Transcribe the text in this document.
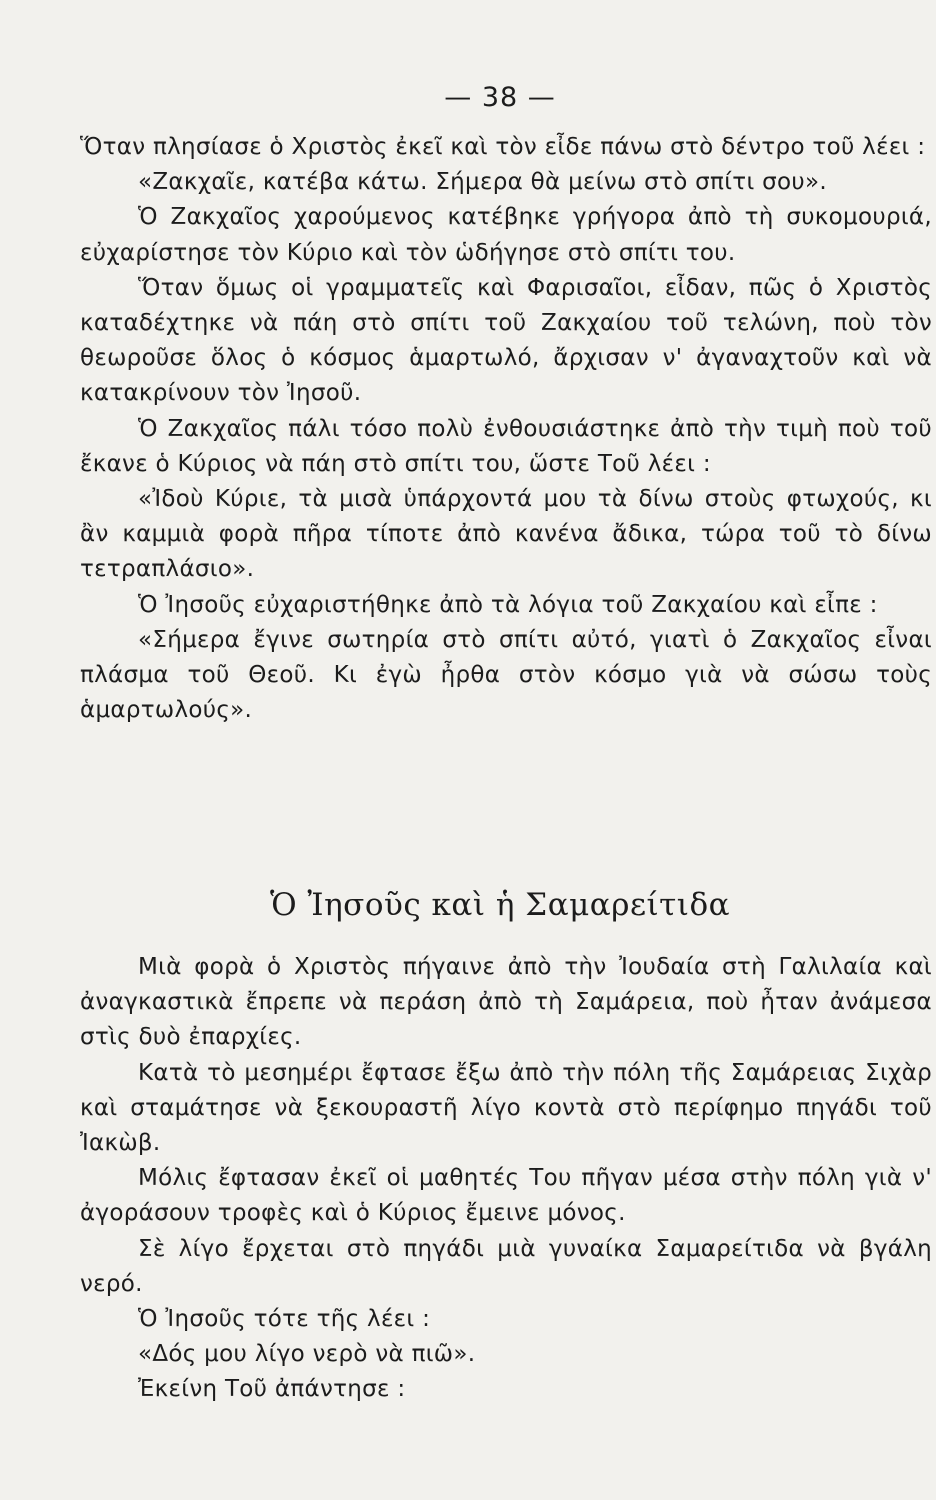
— 38 —

Ὅταν πλησίασε ὁ Χριστὸς ἐκεῖ καὶ τὸν εἶδε πάνω στὸ δέντρο τοῦ λέει :

«Ζακχαῖε, κατέβα κάτω. Σήμερα θὰ μείνω στὸ σπίτι σου».

Ὁ Ζακχαῖος χαρούμενος κατέβηκε γρήγορα ἀπὸ τὴ συκομουριά, εὐχαρίστησε τὸν Κύριο καὶ τὸν ὡδήγησε στὸ σπίτι του.

Ὅταν ὅμως οἱ γραμματεῖς καὶ Φαρισαῖοι, εἶδαν, πῶς ὁ Χριστὸς καταδέχτηκε νὰ πάη στὸ σπίτι τοῦ Ζακχαίου τοῦ τελώνη, ποὺ τὸν θεωροῦσε ὅλος ὁ κόσμος ἁμαρτωλό, ἄρχισαν ν' ἀγαναχτοῦν καὶ νὰ κατακρίνουν τὸν Ἰησοῦ.

Ὁ Ζακχαῖος πάλι τόσο πολὺ ἐνθουσιάστηκε ἀπὸ τὴν τιμὴ ποὺ τοῦ ἔκανε ὁ Κύριος νὰ πάη στὸ σπίτι του, ὥστε Τοῦ λέει :

«Ἰδοὺ Κύριε, τὰ μισὰ ὑπάρχοντά μου τὰ δίνω στοὺς φτωχούς, κι ἂν καμμιὰ φορὰ πῆρα τίποτε ἀπὸ κανένα ἄδικα, τώρα τοῦ τὸ δίνω τετραπλάσιο».

Ὁ Ἰησοῦς εὐχαριστήθηκε ἀπὸ τὰ λόγια τοῦ Ζακχαίου καὶ εἶπε :

«Σήμερα ἔγινε σωτηρία στὸ σπίτι αὐτό, γιατὶ ὁ Ζακχαῖος εἶναι πλάσμα τοῦ Θεοῦ. Κι ἐγὼ ἦρθα στὸν κόσμο γιὰ νὰ σώσω τοὺς ἁμαρτωλούς».

Ὁ Ἰησοῦς καὶ ἡ Σαμαρείτιδα

Μιὰ φορὰ ὁ Χριστὸς πήγαινε ἀπὸ τὴν Ἰουδαία στὴ Γαλιλαία καὶ ἀναγκαστικὰ ἔπρεπε νὰ περάση ἀπὸ τὴ Σαμάρεια, ποὺ ἦταν ἀνάμεσα στὶς δυὸ ἐπαρχίες.

Κατὰ τὸ μεσημέρι ἔφτασε ἔξω ἀπὸ τὴν πόλη τῆς Σαμάρειας Σιχὰρ καὶ σταμάτησε νὰ ξεκουραστῆ λίγο κοντὰ στὸ περίφημο πηγάδι τοῦ Ἰακὼβ.

Μόλις ἔφτασαν ἐκεῖ οἱ μαθητές Του πῆγαν μέσα στὴν πόλη γιὰ ν' ἀγοράσουν τροφὲς καὶ ὁ Κύριος ἔμεινε μόνος.

Σὲ λίγο ἔρχεται στὸ πηγάδι μιὰ γυναίκα Σαμαρείτιδα νὰ βγάλη νερό.

Ὁ Ἰησοῦς τότε τῆς λέει :

«Δός μου λίγο νερὸ νὰ πιῶ».

Ἐκείνη Τοῦ ἀπάντησε :
